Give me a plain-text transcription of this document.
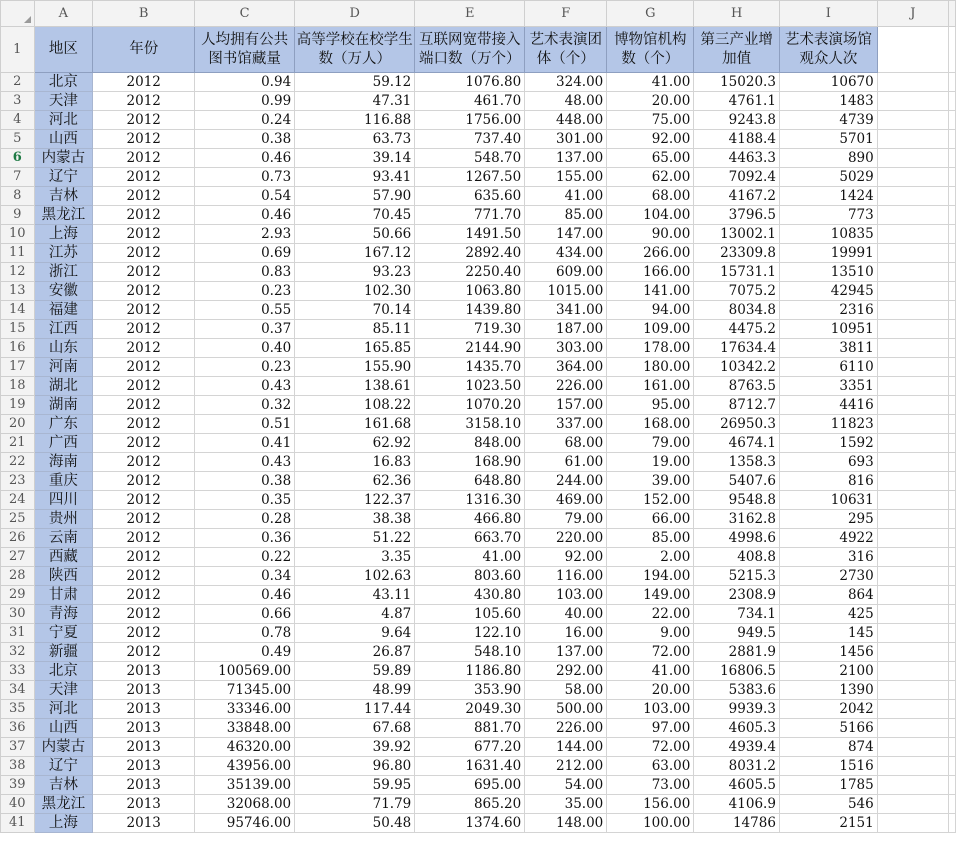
	A	B	C	D	E	F	G	H	I	J	
1	地区	年份	人均拥有公共图书馆藏量	高等学校在校学生数（万人）	互联网宽带接入端口数（万个）	艺术表演团体（个）	博物馆机构数（个）	第三产业增加值	艺术表演场馆观众人次		
2	北京	2012	0.94	59.12	1076.80	324.00	41.00	15020.3	10670		
3	天津	2012	0.99	47.31	461.70	48.00	20.00	4761.1	1483		
4	河北	2012	0.24	116.88	1756.00	448.00	75.00	9243.8	4739		
5	山西	2012	0.38	63.73	737.40	301.00	92.00	4188.4	5701		
6	内蒙古	2012	0.46	39.14	548.70	137.00	65.00	4463.3	890		
7	辽宁	2012	0.73	93.41	1267.50	155.00	62.00	7092.4	5029		
8	吉林	2012	0.54	57.90	635.60	41.00	68.00	4167.2	1424		
9	黑龙江	2012	0.46	70.45	771.70	85.00	104.00	3796.5	773		
10	上海	2012	2.93	50.66	1491.50	147.00	90.00	13002.1	10835		
11	江苏	2012	0.69	167.12	2892.40	434.00	266.00	23309.8	19991		
12	浙江	2012	0.83	93.23	2250.40	609.00	166.00	15731.1	13510		
13	安徽	2012	0.23	102.30	1063.80	1015.00	141.00	7075.2	42945		
14	福建	2012	0.55	70.14	1439.80	341.00	94.00	8034.8	2316		
15	江西	2012	0.37	85.11	719.30	187.00	109.00	4475.2	10951		
16	山东	2012	0.40	165.85	2144.90	303.00	178.00	17634.4	3811		
17	河南	2012	0.23	155.90	1435.70	364.00	180.00	10342.2	6110		
18	湖北	2012	0.43	138.61	1023.50	226.00	161.00	8763.5	3351		
19	湖南	2012	0.32	108.22	1070.20	157.00	95.00	8712.7	4416		
20	广东	2012	0.51	161.68	3158.10	337.00	168.00	26950.3	11823		
21	广西	2012	0.41	62.92	848.00	68.00	79.00	4674.1	1592		
22	海南	2012	0.43	16.83	168.90	61.00	19.00	1358.3	693		
23	重庆	2012	0.38	62.36	648.80	244.00	39.00	5407.6	816		
24	四川	2012	0.35	122.37	1316.30	469.00	152.00	9548.8	10631		
25	贵州	2012	0.28	38.38	466.80	79.00	66.00	3162.8	295		
26	云南	2012	0.36	51.22	663.70	220.00	85.00	4998.6	4922		
27	西藏	2012	0.22	3.35	41.00	92.00	2.00	408.8	316		
28	陕西	2012	0.34	102.63	803.60	116.00	194.00	5215.3	2730		
29	甘肃	2012	0.46	43.11	430.80	103.00	149.00	2308.9	864		
30	青海	2012	0.66	4.87	105.60	40.00	22.00	734.1	425		
31	宁夏	2012	0.78	9.64	122.10	16.00	9.00	949.5	145		
32	新疆	2012	0.49	26.87	548.10	137.00	72.00	2881.9	1456		
33	北京	2013	100569.00	59.89	1186.80	292.00	41.00	16806.5	2100		
34	天津	2013	71345.00	48.99	353.90	58.00	20.00	5383.6	1390		
35	河北	2013	33346.00	117.44	2049.30	500.00	103.00	9939.3	2042		
36	山西	2013	33848.00	67.68	881.70	226.00	97.00	4605.3	5166		
37	内蒙古	2013	46320.00	39.92	677.20	144.00	72.00	4939.4	874		
38	辽宁	2013	43956.00	96.80	1631.40	212.00	63.00	8031.2	1516		
39	吉林	2013	35139.00	59.95	695.00	54.00	73.00	4605.5	1785		
40	黑龙江	2013	32068.00	71.79	865.20	35.00	156.00	4106.9	546		
41	上海	2013	95746.00	50.48	1374.60	148.00	100.00	14786	2151		
